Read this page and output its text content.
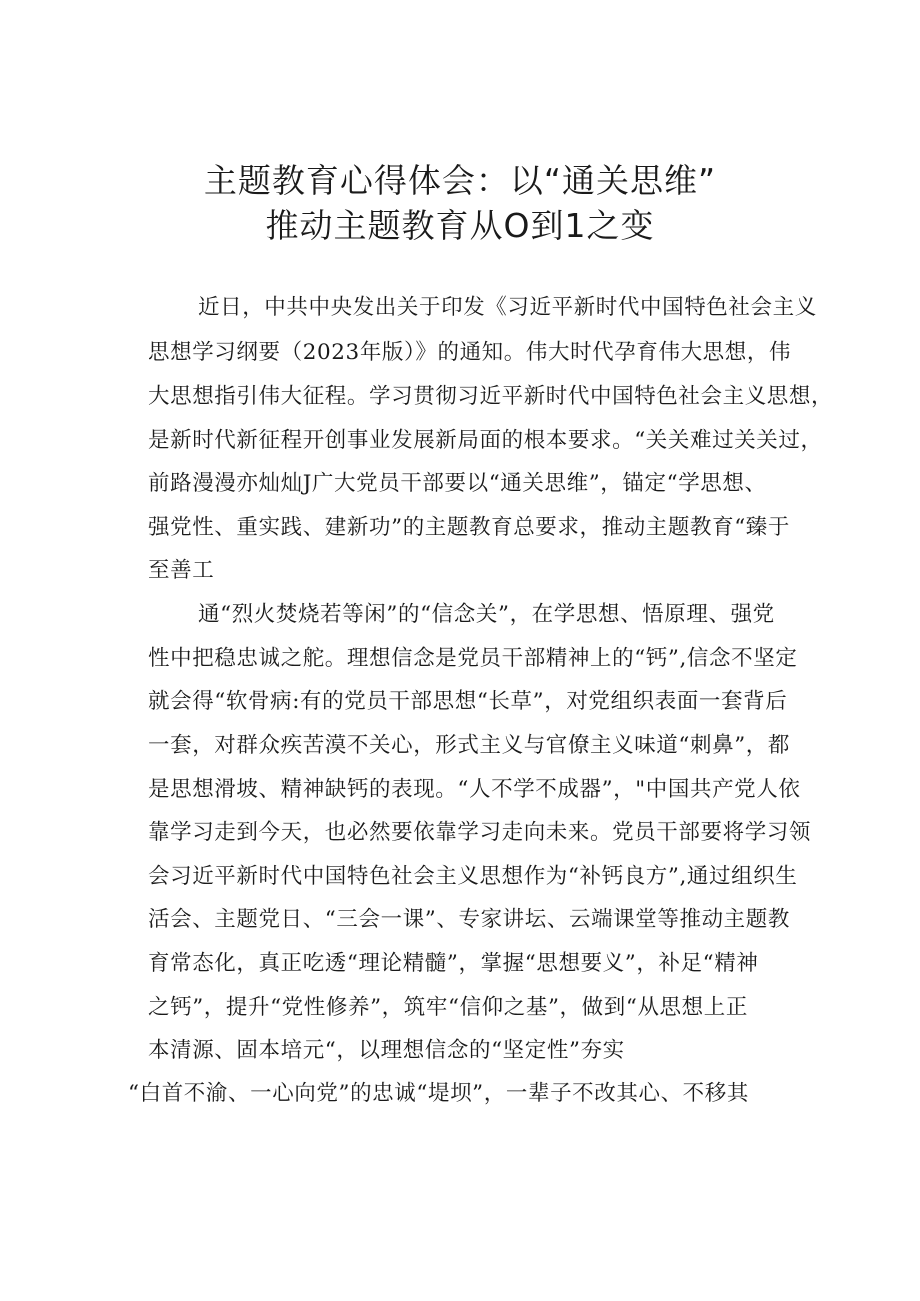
主题教育心得体会：以“通关思维”
推动主题教育从O到1之变
近日，中共中央发出关于印发《习近平新时代中国特色社会主义
思想学习纲要（2023年版）》的通知。伟大时代孕育伟大思想，伟
大思想指引伟大征程。学习贯彻习近平新时代中国特色社会主义思想，
是新时代新征程开创事业发展新局面的根本要求。“关关难过关关过，
前路漫漫亦灿灿J广大党员干部要以“通关思维”，锚定“学思想、
强党性、重实践、建新功”的主题教育总要求，推动主题教育“臻于
至善工
通“烈火焚烧若等闲”的“信念关”，在学思想、悟原理、强党
性中把稳忠诚之舵。理想信念是党员干部精神上的“钙”,信念不坚定
就会得“软骨病:有的党员干部思想“长草”，对党组织表面一套背后
一套，对群众疾苦漠不关心，形式主义与官僚主义味道“刺鼻”，都
是思想滑坡、精神缺钙的表现。“人不学不成器”，"中国共产党人依
靠学习走到今天，也必然要依靠学习走向未来。党员干部要将学习领
会习近平新时代中国特色社会主义思想作为“补钙良方”,通过组织生
活会、主题党日、“三会一课”、专家讲坛、云端课堂等推动主题教
育常态化，真正吃透“理论精髓”，掌握“思想要义”，补足“精神
之钙”，提升“党性修养”，筑牢“信仰之基”，做到“从思想上正
本清源、固本培元“，以理想信念的“坚定性”夯实
“白首不渝、一心向党”的忠诚“堤坝”，一辈子不改其心、不移其
